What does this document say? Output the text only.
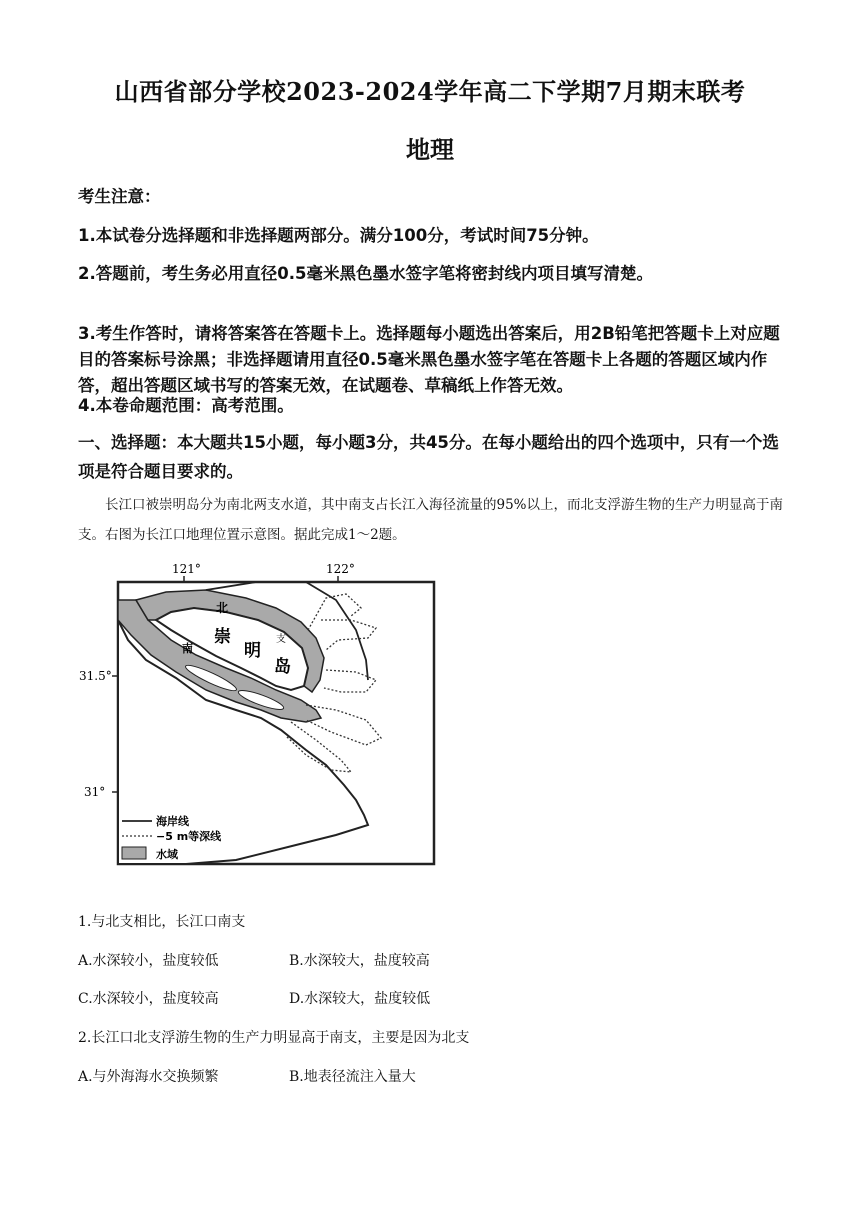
山西省部分学校2023-2024学年高二下学期7月期末联考
地理
考生注意：
1.本试卷分选择题和非选择题两部分。满分100分，考试时间75分钟。
2.答题前，考生务必用直径0.5毫米黑色墨水签字笔将密封线内项目填写清楚。
3.考生作答时，请将答案答在答题卡上。选择题每小题选出答案后，用2B铅笔把答题卡上对应题目的答案标号涂黑；非选择题请用直径0.5毫米黑色墨水签字笔在答题卡上各题的答题区域内作答，超出答题区域书写的答案无效，在试题卷、草稿纸上作答无效。
4.本卷命题范围：高考范围。
一、选择题：本大题共15小题，每小题3分，共45分。在每小题给出的四个选项中，只有一个选项是符合题目要求的。
长江口被崇明岛分为南北两支水道，其中南支占长江入海径流量的95%以上，而北支浮游生物的生产力明显高于南支。右图为长江口地理位置示意图。据此完成1～2题。
121°	122°
31.5°
31°
北
崇
明
岛
南
支
海岸线
−5 m等深线
水域
1.与北支相比，长江口南支
A.水深较小，盐度较低	B.水深较大，盐度较高
C.水深较小，盐度较高	D.水深较大，盐度较低
2.长江口北支浮游生物的生产力明显高于南支，主要是因为北支
A.与外海海水交换频繁	B.地表径流注入量大
